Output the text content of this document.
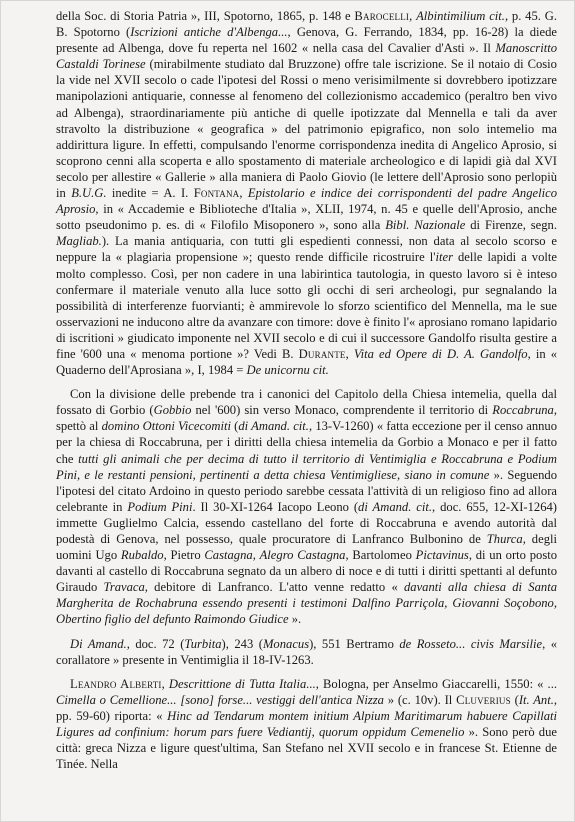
della Soc. di Storia Patria », III, Spotorno, 1865, p. 148 e Barocelli, Albintimilium cit., p. 45. G. B. Spotorno (Iscrizioni antiche d'Albenga..., Genova, G. Ferrando, 1834, pp. 16-28) la diede presente ad Albenga, dove fu reperta nel 1602 « nella casa del Cavalier d'Asti ». Il Manoscritto Castaldi Torinese (mirabilmente studiato dal Bruzzone) offre tale iscrizione. Se il notaio di Cosio la vide nel XVII secolo o cade l'ipotesi del Rossi o meno verisimilmente si dovrebbero ipotizzare manipolazioni antiquarie, connesse al fenomeno del collezionismo accademico (peraltro ben vivo ad Albenga), straordinariamente più antiche di quelle ipotizzate dal Mennella e tali da aver stravolto la distribuzione « geografica » del patrimonio epigrafico, non solo intemelio ma addirittura ligure. In effetti, compulsando l'enorme corrispondenza inedita di Angelico Aprosio, si scoprono cenni alla scoperta e allo spostamento di materiale archeologico e di lapidi già dal XVI secolo per allestire « Gallerie » alla maniera di Paolo Giovio (le lettere dell'Aprosio sono perlopiù in B.U.G. inedite = A. I. Fontana, Epistolario e indice dei corrispondenti del padre Angelico Aprosio, in « Accademie e Biblioteche d'Italia », XLII, 1974, n. 45 e quelle dell'Aprosio, anche sotto pseudonimo p. es. di « Filofilo Misoponero », sono alla Bibl. Nazionale di Firenze, segn. Magliab.). La mania antiquaria, con tutti gli espedienti connessi, non data al secolo scorso e neppure la « plagiaria propensione »; questo rende difficile ricostruire l'iter delle lapidi a volte molto complesso. Così, per non cadere in una labirintica tautologia, in questo lavoro si è inteso confermare il materiale venuto alla luce sotto gli occhi di seri archeologi, pur segnalando la possibilità di interferenze fuorvianti; è ammirevole lo sforzo scientifico del Mennella, ma le sue osservazioni ne inducono altre da avanzare con timore: dove è finito l'« aprosiano romano lapidario di iscritioni » giudicato imponente nel XVII secolo e di cui il successore Gandolfo risulta gestire a fine '600 una « menoma portione »? Vedi B. Durante, Vita ed Opere di D. A. Gandolfo, in « Quaderno dell'Aprosiana », I, 1984 = De unicornu cit.

Con la divisione delle prebende tra i canonici del Capitolo della Chiesa intemelia, quella dal fossato di Gorbio (Gobbio nel '600) sin verso Monaco, comprendente il territorio di Roccabruna, spettò al domino Ottoni Vicecomiti (di Amand. cit., 13-V-1260) « fatta eccezione per il censo annuo per la chiesa di Roccabruna, per i diritti della chiesa intemelia da Gorbio a Monaco e per il fatto che tutti gli animali che per decima di tutto il territorio di Ventimiglia e Roccabruna e Podium Pini, e le restanti pensioni, pertinenti a detta chiesa Ventimigliese, siano in comune ». Seguendo l'ipotesi del citato Ardoino in questo periodo sarebbe cessata l'attività di un religioso fino ad allora celebrante in Podium Pini. Il 30-XI-1264 Iacopo Leono (di Amand. cit., doc. 655, 12-XI-1264) immette Guglielmo Calcia, essendo castellano del forte di Roccabruna e avendo autorità dal podestà di Genova, nel possesso, quale procuratore di Lanfranco Bulbonino de Thurca, degli uomini Ugo Rubaldo, Pietro Castagna, Alegro Castagna, Bartolomeo Pictavinus, di un orto posto davanti al castello di Roccabruna segnato da un albero di noce e di tutti i diritti spettanti al defunto Giraudo Travaca, debitore di Lanfranco. L'atto venne redatto « davanti alla chiesa di Santa Margherita de Rochabruna essendo presenti i testimoni Dalfino Parriçola, Giovanni Soçobono, Obertino figlio del defunto Raimondo Giudice ».

Di Amand., doc. 72 (Turbita), 243 (Monacus), 551 Bertramo de Rosseto... civis Marsilie, « corallatore » presente in Ventimiglia il 18-IV-1263.

Leandro Alberti, Descrittione di Tutta Italia..., Bologna, per Anselmo Giaccarelli, 1550: « ... Cimella o Cemellione... [sono] forse... vestiggi dell'antica Nizza » (c. 10v). Il Cluverius (It. Ant., pp. 59-60) riporta: « Hinc ad Tendarum montem initium Alpium Maritimarum habuere Capillati Ligures ad confinium: horum pars fuere Vediantij, quorum oppidum Cemenelio ». Sono però due città: greca Nizza e ligure quest'ultima, San Stefano nel XVII secolo e in francese St. Etienne de Tinée. Nella
